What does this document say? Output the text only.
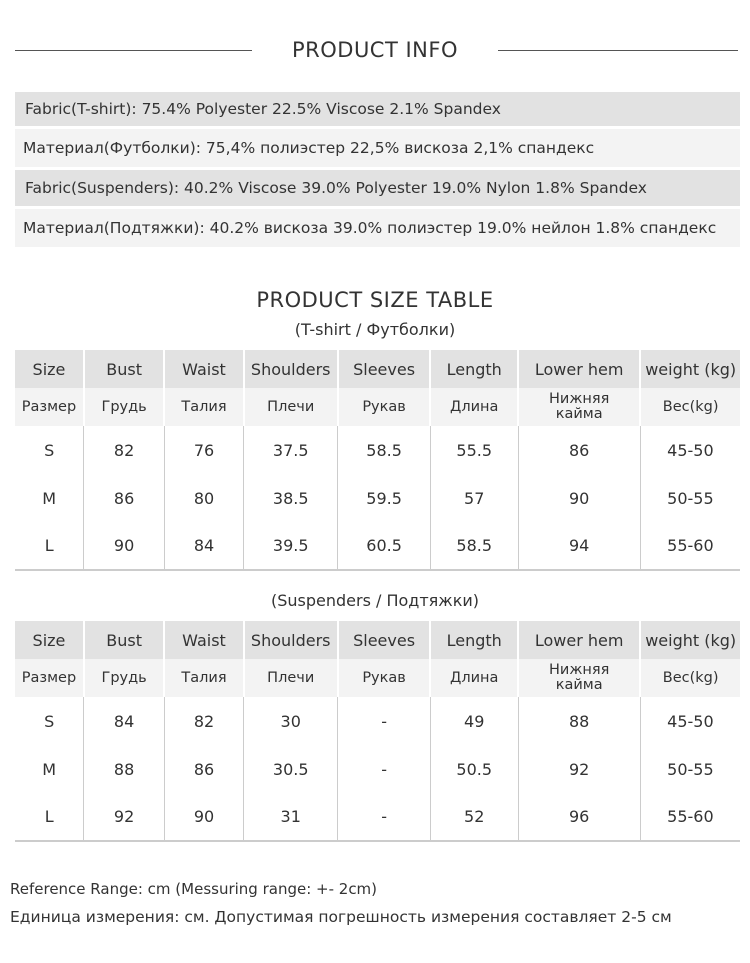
PRODUCT INFO
Fabric(T-shirt): 75.4% Polyester 22.5% Viscose 2.1% Spandex
Материал(Футболки): 75,4% полиэстер 22,5% вискоза 2,1% спандекс
Fabric(Suspenders): 40.2% Viscose 39.0% Polyester 19.0% Nylon 1.8% Spandex
Материал(Подтяжки): 40.2% вискоза 39.0% полиэстер 19.0% нейлон 1.8% спандекс
PRODUCT SIZE TABLE
(T-shirt / Футболки)
Size	Bust	Waist	Shoulders	Sleeves	Length	Lower hem	weight (kg)
Размер	Грудь	Талия	Плечи	Рукав	Длина	Нижняя кайма	Вес(kg)
S	82	76	37.5	58.5	55.5	86	45-50
M	86	80	38.5	59.5	57	90	50-55
L	90	84	39.5	60.5	58.5	94	55-60
(Suspenders / Подтяжки)
Size	Bust	Waist	Shoulders	Sleeves	Length	Lower hem	weight (kg)
Размер	Грудь	Талия	Плечи	Рукав	Длина	Нижняя кайма	Вес(kg)
S	84	82	30	-	49	88	45-50
M	88	86	30.5	-	50.5	92	50-55
L	92	90	31	-	52	96	55-60
Reference Range: cm (Messuring range: +- 2cm)
Единица измерения: см. Допустимая погрешность измерения составляет 2-5 см
